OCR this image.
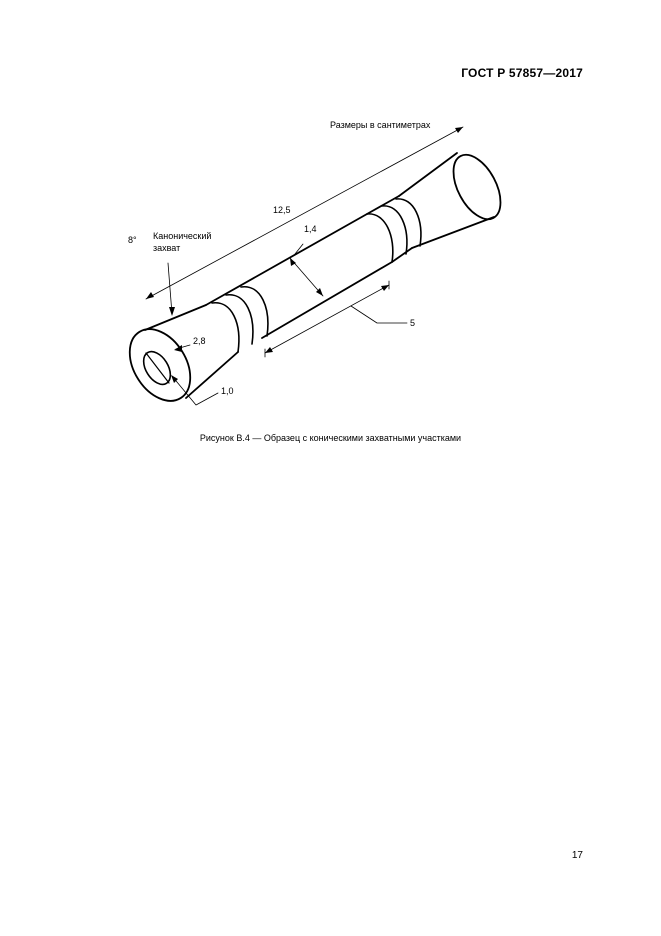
ГОСТ Р 57857—2017
Размеры в сантиметрах
12,5
8° Канонический
захват
1,4
2,8
1,0
5
Рисунок В.4 — Образец с коническими захватными участками
17
